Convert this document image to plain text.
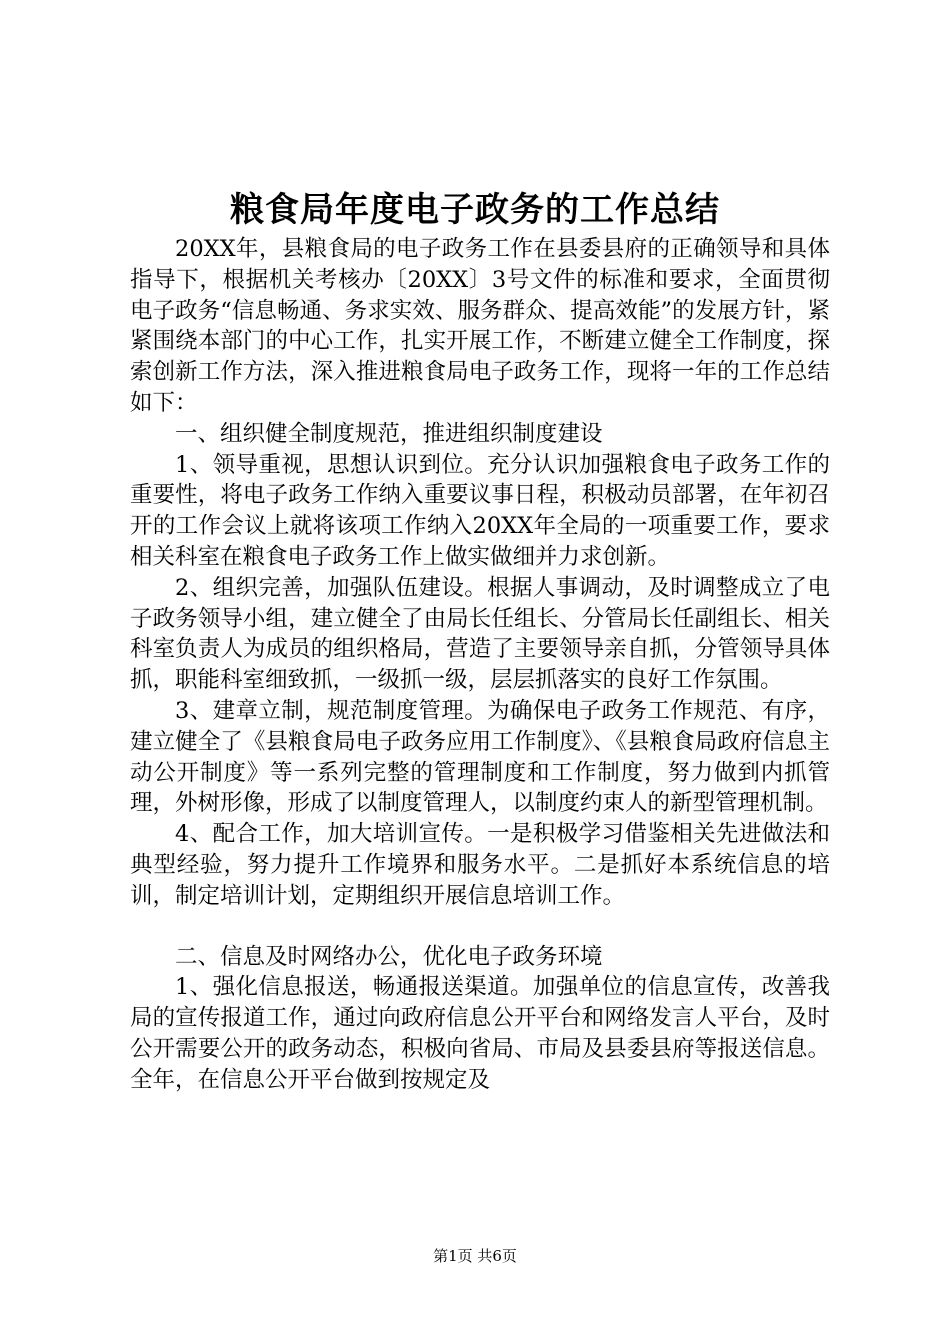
粮食局年度电子政务的工作总结

20XX年，县粮食局的电子政务工作在县委县府的正确领导和具体指导下，根据机关考核办〔20XX〕3号文件的标准和要求，全面贯彻电子政务“信息畅通、务求实效、服务群众、提高效能”的发展方针，紧紧围绕本部门的中心工作，扎实开展工作，不断建立健全工作制度，探索创新工作方法，深入推进粮食局电子政务工作，现将一年的工作总结如下：

一、组织健全制度规范，推进组织制度建设

1、领导重视，思想认识到位。充分认识加强粮食电子政务工作的重要性，将电子政务工作纳入重要议事日程，积极动员部署，在年初召开的工作会议上就将该项工作纳入20XX年全局的一项重要工作，要求相关科室在粮食电子政务工作上做实做细并力求创新。

2、组织完善，加强队伍建设。根据人事调动，及时调整成立了电子政务领导小组，建立健全了由局长任组长、分管局长任副组长、相关科室负责人为成员的组织格局，营造了主要领导亲自抓，分管领导具体抓，职能科室细致抓，一级抓一级，层层抓落实的良好工作氛围。

3、建章立制，规范制度管理。为确保电子政务工作规范、有序，建立健全了《县粮食局电子政务应用工作制度》、《县粮食局政府信息主动公开制度》等一系列完整的管理制度和工作制度，努力做到内抓管理，外树形像，形成了以制度管理人，以制度约束人的新型管理机制。

4、配合工作，加大培训宣传。一是积极学习借鉴相关先进做法和典型经验，努力提升工作境界和服务水平。二是抓好本系统信息的培训，制定培训计划，定期组织开展信息培训工作。

二、信息及时网络办公，优化电子政务环境

1、强化信息报送，畅通报送渠道。加强单位的信息宣传，改善我局的宣传报道工作，通过向政府信息公开平台和网络发言人平台，及时公开需要公开的政务动态，积极向省局、市局及县委县府等报送信息。全年，在信息公开平台做到按规定及

第1页 共6页
